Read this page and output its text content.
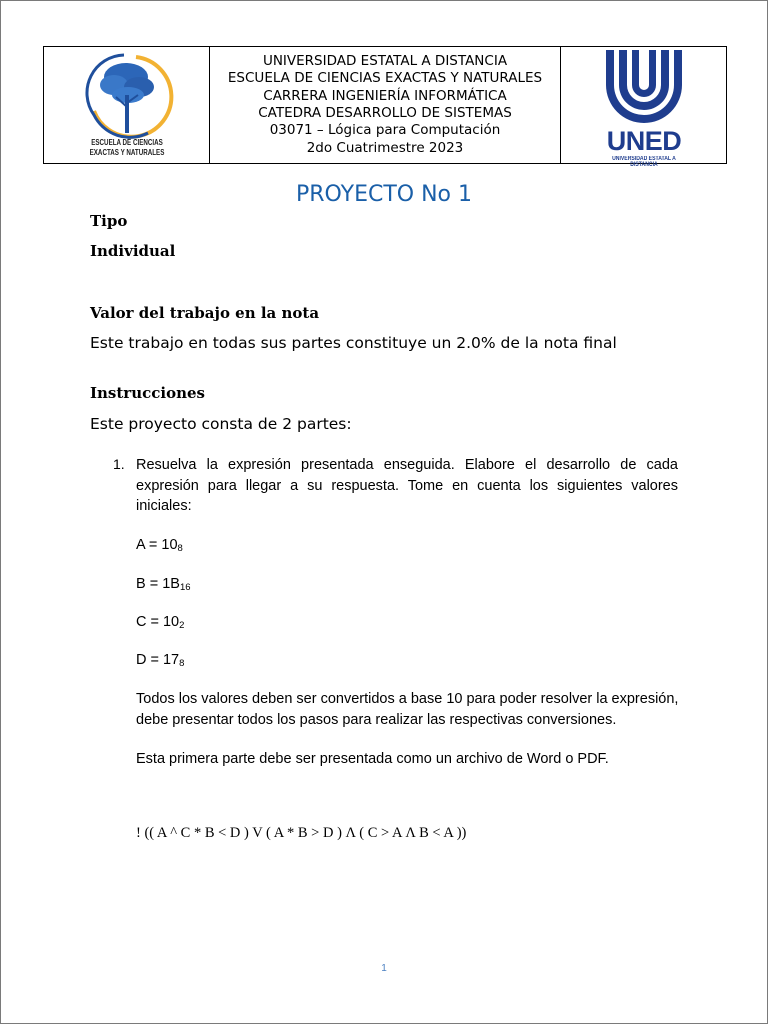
ESCUELA DE CIENCIAS
EXACTAS Y NATURALES
UNIVERSIDAD ESTATAL A DISTANCIA
ESCUELA DE CIENCIAS EXACTAS Y NATURALES
CARRERA INGENIERÍA INFORMÁTICA
CATEDRA DESARROLLO DE SISTEMAS
03071 – Lógica para Computación
2do Cuatrimestre 2023	UNED
UNIVERSIDAD ESTATAL A DISTANCIA
PROYECTO No 1
Tipo
Individual
Valor del trabajo en la nota
Este trabajo en todas sus partes constituye un 2.0% de la nota final
Instrucciones
Este proyecto consta de 2 partes:
1. Resuelva la expresión presentada enseguida. Elabore el desarrollo de cada expresión para llegar a su respuesta. Tome en cuenta los siguientes valores iniciales:
$A = 10_8$
$B = 1B_{16}$
$C = 10_2$
$D = 17_8$
Todos los valores deben ser convertidos a base 10 para poder resolver la expresión, debe presentar todos los pasos para realizar las respectivas conversiones.
Esta primera parte debe ser presentada como un archivo de Word o PDF.
! (( A ^ C * B < D ) V ( A * B > D ) Λ ( C > A Λ B < A ))
1
